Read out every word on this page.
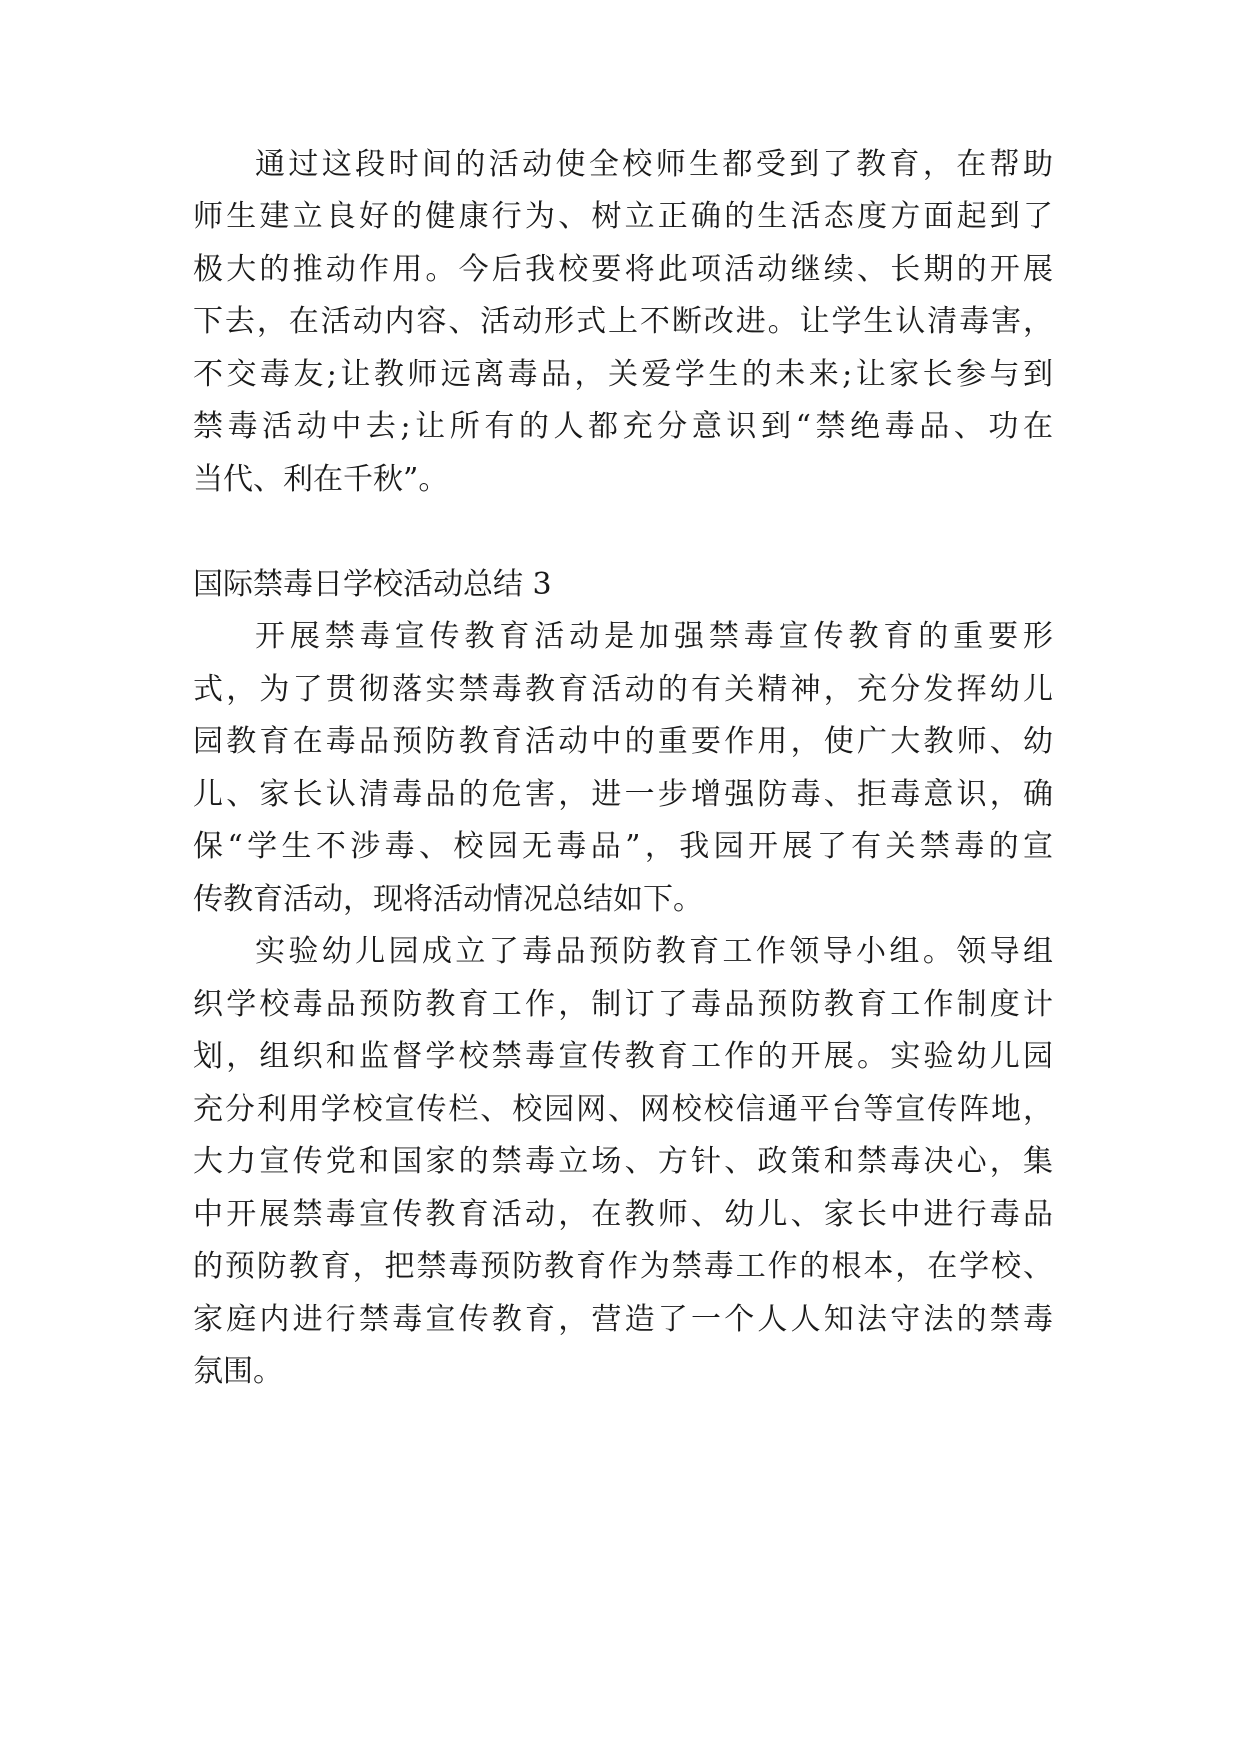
通过这段时间的活动使全校师生都受到了教育，在帮助
师生建立良好的健康行为、树立正确的生活态度方面起到了
极大的推动作用。今后我校要将此项活动继续、长期的开展
下去，在活动内容、活动形式上不断改进。让学生认清毒害，
不交毒友;让教师远离毒品，关爱学生的未来;让家长参与到
禁毒活动中去;让所有的人都充分意识到“禁绝毒品、功在
当代、利在千秋”。
国际禁毒日学校活动总结 3
开展禁毒宣传教育活动是加强禁毒宣传教育的重要形
式，为了贯彻落实禁毒教育活动的有关精神，充分发挥幼儿
园教育在毒品预防教育活动中的重要作用，使广大教师、幼
儿、家长认清毒品的危害，进一步增强防毒、拒毒意识，确
保“学生不涉毒、校园无毒品”，我园开展了有关禁毒的宣
传教育活动，现将活动情况总结如下。
实验幼儿园成立了毒品预防教育工作领导小组。领导组
织学校毒品预防教育工作，制订了毒品预防教育工作制度计
划，组织和监督学校禁毒宣传教育工作的开展。实验幼儿园
充分利用学校宣传栏、校园网、网校校信通平台等宣传阵地，
大力宣传党和国家的禁毒立场、方针、政策和禁毒决心，集
中开展禁毒宣传教育活动，在教师、幼儿、家长中进行毒品
的预防教育，把禁毒预防教育作为禁毒工作的根本，在学校、
家庭内进行禁毒宣传教育，营造了一个人人知法守法的禁毒
氛围。
